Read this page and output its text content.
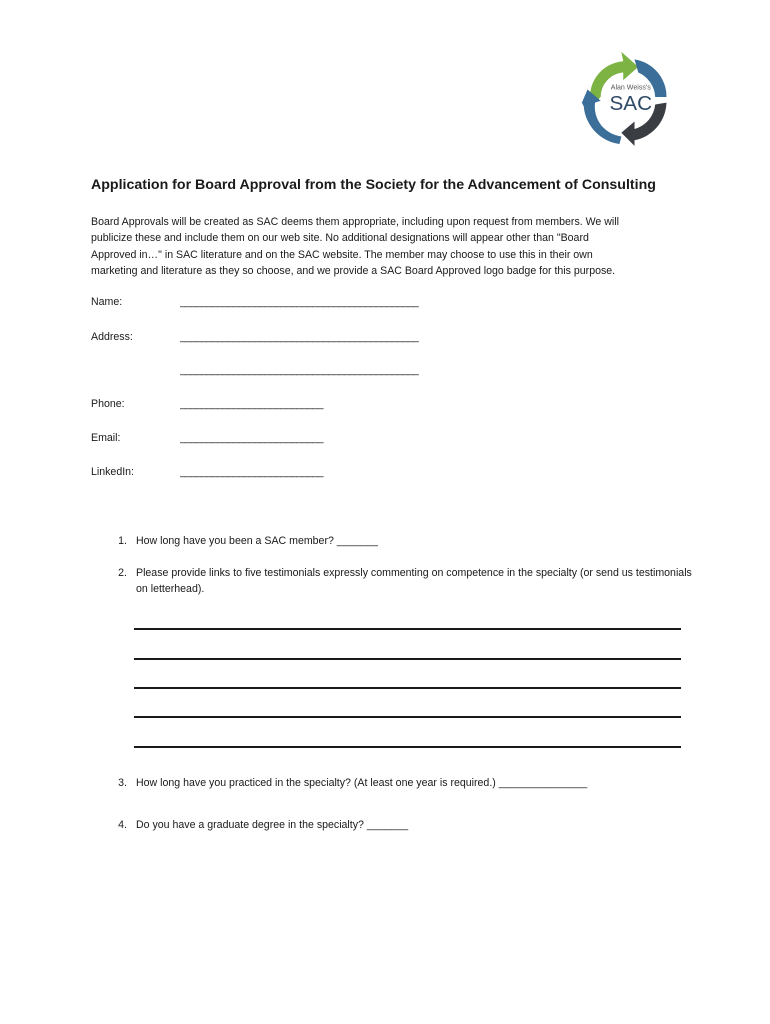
Alan Weiss's
SAC
Application for Board Approval from the Society for the Advancement of Consulting
Board Approvals will be created as SAC deems them appropriate, including upon request from members. We will
publicize these and include them on our web site. No additional designations will appear other than "Board
Approved in…" in SAC literature and on the SAC website. The member may choose to use this in their own
marketing and literature as they so choose, and we provide a SAC Board Approved logo badge for this purpose.
Name:	_____________________________________________
Address:	_____________________________________________
_____________________________________________
Phone:	___________________________
Email:	___________________________
LinkedIn:	___________________________
1. How long have you been a SAC member? _______
2. Please provide links to five testimonials expressly commenting on competence in the specialty (or send us testimonials on letterhead).
3. How long have you practiced in the specialty? (At least one year is required.) _______________
4. Do you have a graduate degree in the specialty? _______
